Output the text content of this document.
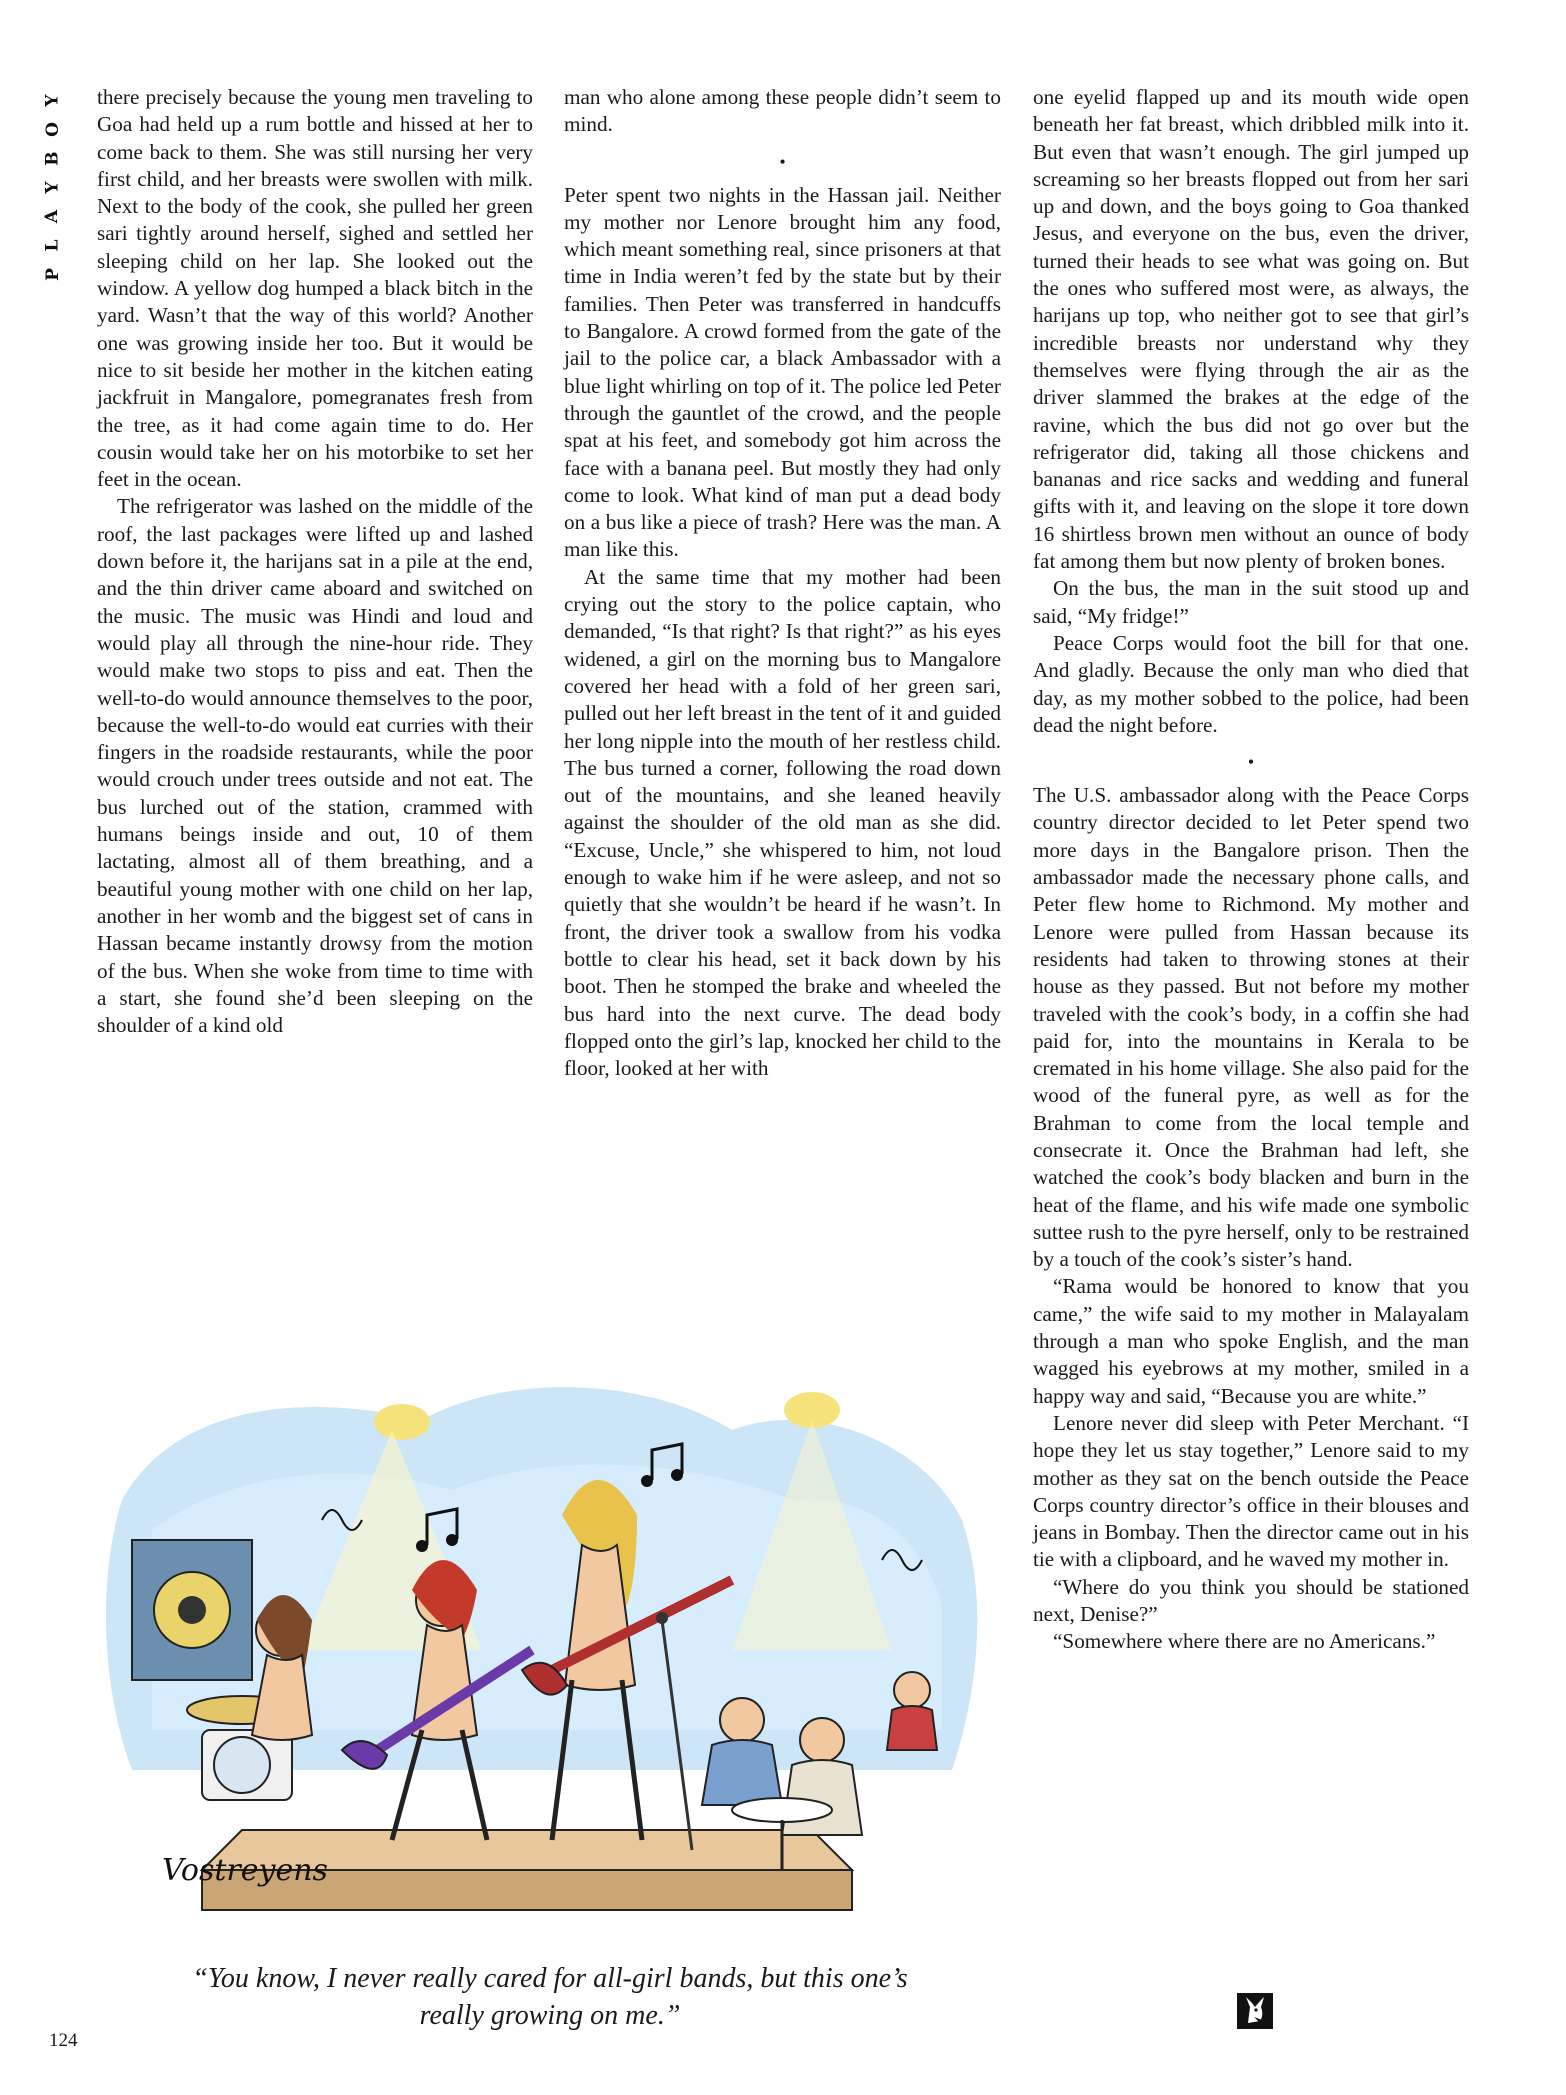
Y
O
B
Y
A
L
P

there precisely because the young men traveling to Goa had held up a rum bottle and hissed at her to come back to them. She was still nursing her very first child, and her breasts were swollen with milk. Next to the body of the cook, she pulled her green sari tightly around herself, sighed and settled her sleeping child on her lap. She looked out the window. A yellow dog humped a black bitch in the yard. Wasn’t that the way of this world? Another one was growing inside her too. But it would be nice to sit beside her mother in the kitchen eating jackfruit in Mangalore, pomegranates fresh from the tree, as it had come again time to do. Her cousin would take her on his motorbike to set her feet in the ocean.

The refrigerator was lashed on the middle of the roof, the last packages were lifted up and lashed down before it, the harijans sat in a pile at the end, and the thin driver came aboard and switched on the music. The music was Hindi and loud and would play all through the nine-hour ride. They would make two stops to piss and eat. Then the well-to-do would announce themselves to the poor, because the well-to-do would eat curries with their fingers in the roadside restaurants, while the poor would crouch under trees outside and not eat. The bus lurched out of the station, crammed with humans beings inside and out, 10 of them lactating, almost all of them breathing, and a beautiful young mother with one child on her lap, another in her womb and the biggest set of cans in Hassan became instantly drowsy from the motion of the bus. When she woke from time to time with a start, she found she’d been sleeping on the shoulder of a kind old

man who alone among these people didn’t seem to mind.

•

Peter spent two nights in the Hassan jail. Neither my mother nor Lenore brought him any food, which meant something real, since prisoners at that time in India weren’t fed by the state but by their families. Then Peter was transferred in handcuffs to Bangalore. A crowd formed from the gate of the jail to the police car, a black Ambassador with a blue light whirling on top of it. The police led Peter through the gauntlet of the crowd, and the people spat at his feet, and somebody got him across the face with a banana peel. But mostly they had only come to look. What kind of man put a dead body on a bus like a piece of trash? Here was the man. A man like this.

At the same time that my mother had been crying out the story to the police captain, who demanded, “Is that right? Is that right?” as his eyes widened, a girl on the morning bus to Mangalore covered her head with a fold of her green sari, pulled out her left breast in the tent of it and guided her long nipple into the mouth of her restless child. The bus turned a corner, following the road down out of the mountains, and she leaned heavily against the shoulder of the old man as she did. “Excuse, Uncle,” she whispered to him, not loud enough to wake him if he were asleep, and not so quietly that she wouldn’t be heard if he wasn’t. In front, the driver took a swallow from his vodka bottle to clear his head, set it back down by his boot. Then he stomped the brake and wheeled the bus hard into the next curve. The dead body flopped onto the girl’s lap, knocked her child to the floor, looked at her with

one eyelid flapped up and its mouth wide open beneath her fat breast, which dribbled milk into it. But even that wasn’t enough. The girl jumped up screaming so her breasts flopped out from her sari up and down, and the boys going to Goa thanked Jesus, and everyone on the bus, even the driver, turned their heads to see what was going on. But the ones who suffered most were, as always, the harijans up top, who neither got to see that girl’s incredible breasts nor understand why they themselves were flying through the air as the driver slammed the brakes at the edge of the ravine, which the bus did not go over but the refrigerator did, taking all those chickens and bananas and rice sacks and wedding and funeral gifts with it, and leaving on the slope it tore down 16 shirtless brown men without an ounce of body fat among them but now plenty of broken bones.

On the bus, the man in the suit stood up and said, “My fridge!”

Peace Corps would foot the bill for that one. And gladly. Because the only man who died that day, as my mother sobbed to the police, had been dead the night before.

•

The U.S. ambassador along with the Peace Corps country director decided to let Peter spend two more days in the Bangalore prison. Then the ambassador made the necessary phone calls, and Peter flew home to Richmond. My mother and Lenore were pulled from Hassan because its residents had taken to throwing stones at their house as they passed. But not before my mother traveled with the cook’s body, in a coffin she had paid for, into the mountains in Kerala to be cremated in his home village. She also paid for the wood of the funeral pyre, as well as for the Brahman to come from the local temple and consecrate it. Once the Brahman had left, she watched the cook’s body blacken and burn in the heat of the flame, and his wife made one symbolic suttee rush to the pyre herself, only to be restrained by a touch of the cook’s sister’s hand.

“Rama would be honored to know that you came,” the wife said to my mother in Malayalam through a man who spoke English, and the man wagged his eyebrows at my mother, smiled in a happy way and said, “Because you are white.”

Lenore never did sleep with Peter Merchant. “I hope they let us stay together,” Lenore said to my mother as they sat on the bench outside the Peace Corps country director’s office in their blouses and jeans in Bombay. Then the director came out in his tie with a clipboard, and he waved my mother in.

“Where do you think you should be stationed next, Denise?”

“Somewhere where there are no Americans.”

Vostreyens
“You know, I never really cared for all-girl bands, but this one’s
really growing on me.”
124
